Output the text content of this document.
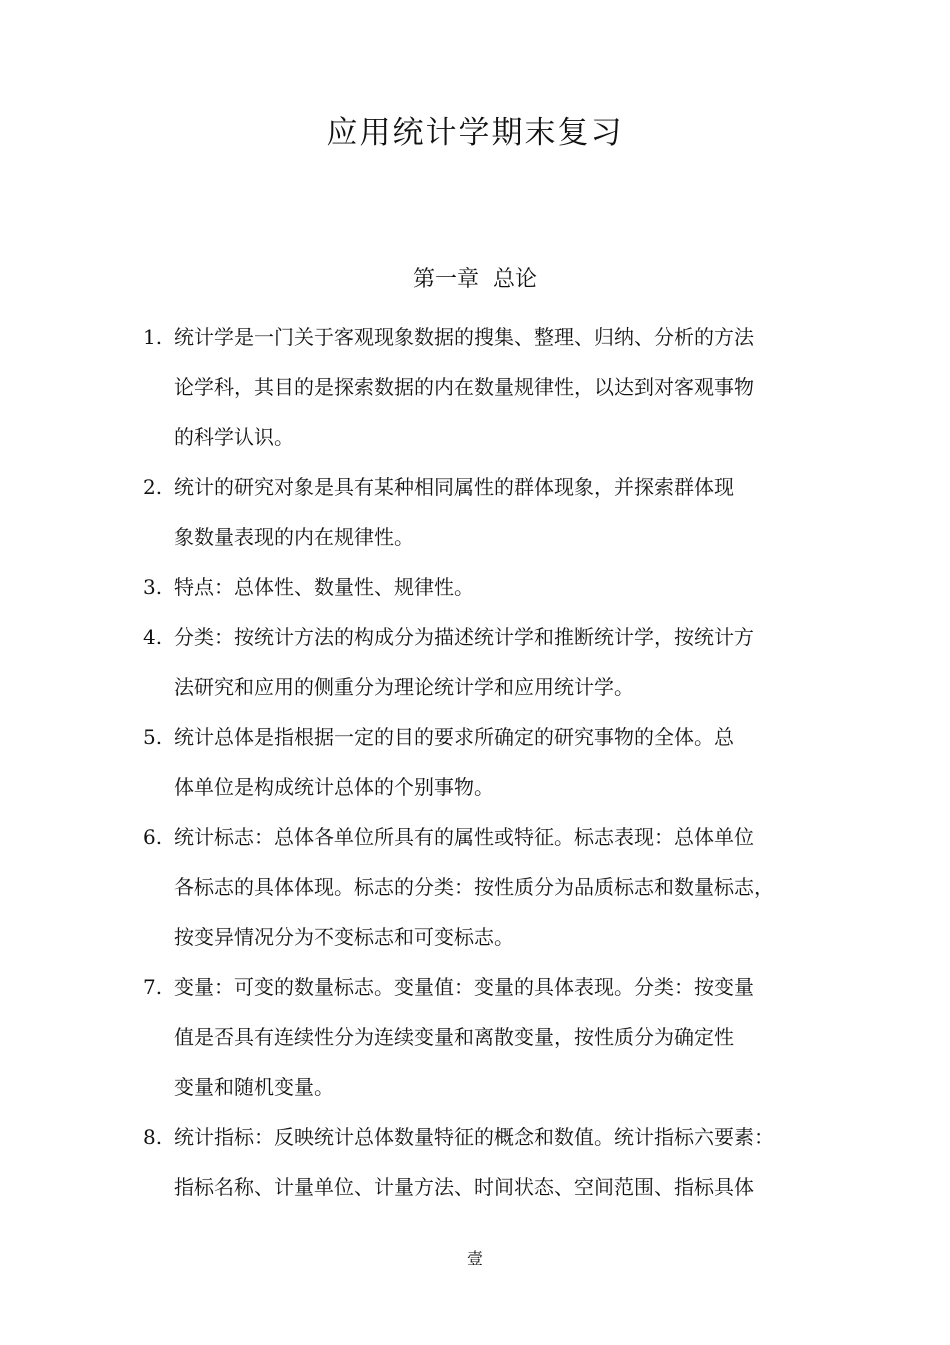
应用统计学期末复习
第一章  总论
1. 统计学是一门关于客观现象数据的搜集、整理、归纳、分析的方法
论学科，其目的是探索数据的内在数量规律性，以达到对客观事物
的科学认识。
2. 统计的研究对象是具有某种相同属性的群体现象，并探索群体现
象数量表现的内在规律性。
3. 特点：总体性、数量性、规律性。
4. 分类：按统计方法的构成分为描述统计学和推断统计学，按统计方
法研究和应用的侧重分为理论统计学和应用统计学。
5. 统计总体是指根据一定的目的要求所确定的研究事物的全体。总
体单位是构成统计总体的个别事物。
6. 统计标志：总体各单位所具有的属性或特征。标志表现：总体单位
各标志的具体体现。标志的分类：按性质分为品质标志和数量标志，
按变异情况分为不变标志和可变标志。
7. 变量：可变的数量标志。变量值：变量的具体表现。分类：按变量
值是否具有连续性分为连续变量和离散变量，按性质分为确定性
变量和随机变量。
8. 统计指标：反映统计总体数量特征的概念和数值。统计指标六要素：
指标名称、计量单位、计量方法、时间状态、空间范围、指标具体
壹
